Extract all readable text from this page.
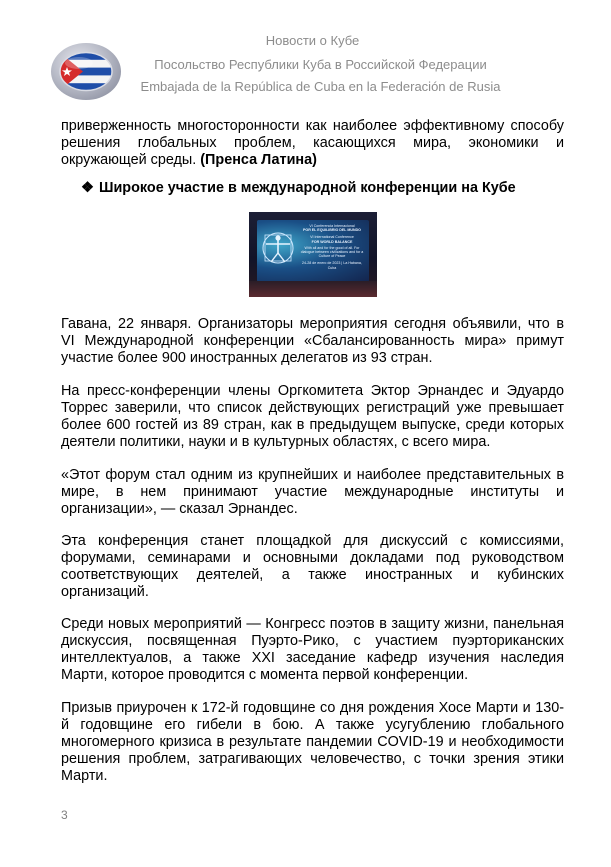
Новости о Кубе
Посольство Республики Куба в Российской Федерации
Embajada de la República de Cuba en la Federación de Rusia
приверженность многосторонности как наиболее эффективному способу
решения глобальных проблем, касающихся мира, экономики и
окружающей среды. (Пренса Латина)
❖ Широкое участие в международной конференции на Кубе
VI Conferencia Internacional
POR EL EQUILIBRIO DEL MUNDO
VI International Conference
FOR WORLD BALANCE
With all and for the good of all. For dialogue between civilizations and for a Culture of Peace
24-28 de enero de 2023 | La Habana, Cuba
Гавана, 22 января. Организаторы мероприятия сегодня объявили, что в
VI Международной конференции «Сбалансированность мира» примут
участие более 900 иностранных делегатов из 93 стран.
На пресс-конференции члены Оргкомитета Эктор Эрнандес и Эдуардо
Торрес заверили, что список действующих регистраций уже превышает
более 600 гостей из 89 стран, как в предыдущем выпуске, среди которых
деятели политики, науки и в культурных областях, с всего мира.
«Этот форум стал одним из крупнейших и наиболее представительных в
мире, в нем принимают участие международные институты и
организации», — сказал Эрнандес.
Эта конференция станет площадкой для дискуссий с комиссиями,
форумами, семинарами и основными докладами под руководством
соответствующих деятелей, а также иностранных и кубинских
организаций.
Среди новых мероприятий — Конгресс поэтов в защиту жизни, панельная
дискуссия, посвященная Пуэрто-Рико, с участием пуэрториканских
интеллектуалов, а также XXI заседание кафедр изучения наследия
Марти, которое проводится с момента первой конференции.
Призыв приурочен к 172-й годовщине со дня рождения Хосе Марти и 130-
й годовщине его гибели в бою. А также усугублению глобального
многомерного кризиса в результате пандемии COVID-19 и необходимости
решения проблем, затрагивающих человечество, с точки зрения этики
Марти.
3
